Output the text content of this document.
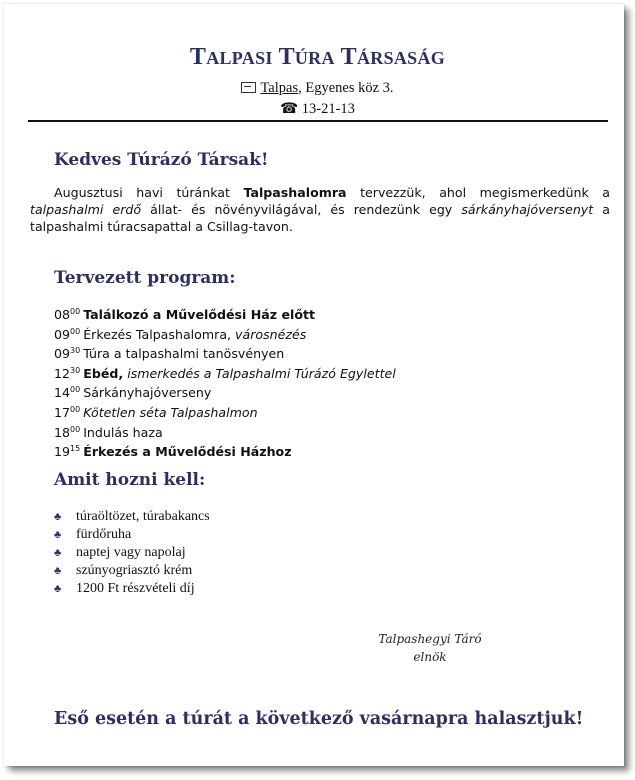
TALPASI TÚRA TÁRSASÁG
Talpas, Egyenes köz 3.
☎ 13-21-13
Kedves Túrázó Társak!

Augusztusi havi túránkat Talpashalomra tervezzük, ahol megismerkedünk a talpashalmi erdő állat- és növényvilágával, és rendezünk egy sárkányhajóversenyt a talpashalmi túracsapattal a Csillag-tavon.

Tervezett program:
$08^{00}$ Találkozó a Művelődési Ház előtt
$09^{00}$ Érkezés Talpashalomra, városnézés
$09^{30}$ Túra a talpashalmi tanösvényen
$12^{30}$ Ebéd, ismerkedés a Talpashalmi Túrázó Egylettel
$14^{00}$ Sárkányhajóverseny
$17^{00}$ Kötetlen séta Talpashalmon
$18^{00}$ Indulás haza
$19^{15}$ Érkezés a Művelődési Házhoz
Amit hozni kell:
♣ túraöltözet, túrabakancs
♣ fürdőruha
♣ naptej vagy napolaj
♣ szúnyogriasztó krém
♣ 1200 Ft részvételi díj
Talpashegyi Táró
elnök
Eső esetén a túrát a következő vasárnapra halasztjuk!
